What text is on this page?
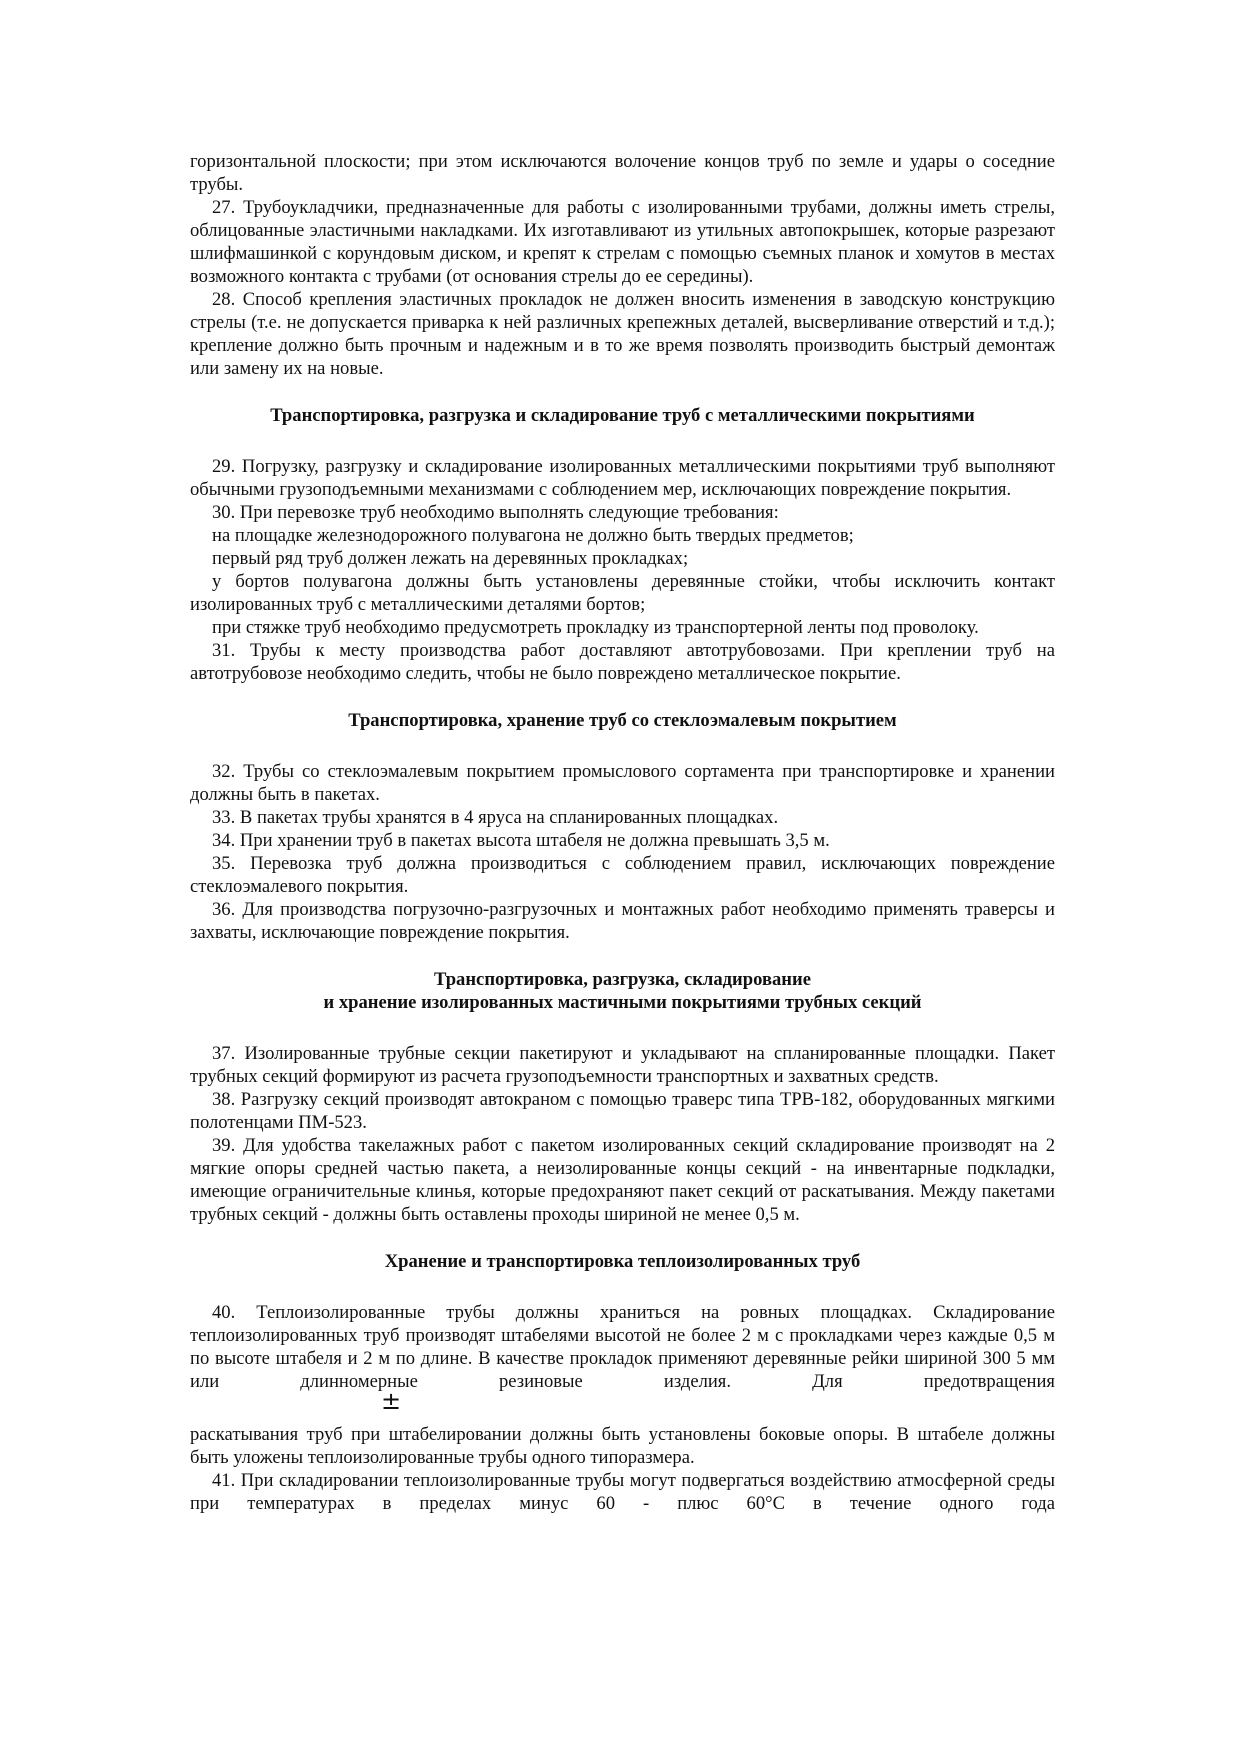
горизонтальной плоскости; при этом исключаются волочение концов труб по земле и удары о соседние трубы.

27. Трубоукладчики, предназначенные для работы с изолированными трубами, должны иметь стрелы, облицованные эластичными накладками. Их изготавливают из утильных автопокрышек, которые разрезают шлифмашинкой с корундовым диском, и крепят к стрелам с помощью съемных планок и хомутов в местах возможного контакта с трубами (от основания стрелы до ее середины).

28. Способ крепления эластичных прокладок не должен вносить изменения в заводскую конструкцию стрелы (т.е. не допускается приварка к ней различных крепежных деталей, высверливание отверстий и т.д.); крепление должно быть прочным и надежным и в то же время позволять производить быстрый демонтаж или замену их на новые.

Транспортировка, разгрузка и складирование труб с металлическими покрытиями

29. Погрузку, разгрузку и складирование изолированных металлическими покрытиями труб выполняют обычными грузоподъемными механизмами с соблюдением мер, исключающих повреждение покрытия.

30. При перевозке труб необходимо выполнять следующие требования:

на площадке железнодорожного полувагона не должно быть твердых предметов;

первый ряд труб должен лежать на деревянных прокладках;

у бортов полувагона должны быть установлены деревянные стойки, чтобы исключить контакт изолированных труб с металлическими деталями бортов;

при стяжке труб необходимо предусмотреть прокладку из транспортерной ленты под проволоку.

31. Трубы к месту производства работ доставляют автотрубовозами. При креплении труб на автотрубовозе необходимо следить, чтобы не было повреждено металлическое покрытие.

Транспортировка, хранение труб со стеклоэмалевым покрытием

32. Трубы со стеклоэмалевым покрытием промыслового сортамента при транспортировке и хранении должны быть в пакетах.

33. В пакетах трубы хранятся в 4 яруса на спланированных площадках.

34. При хранении труб в пакетах высота штабеля не должна превышать 3,5 м.

35. Перевозка труб должна производиться с соблюдением правил, исключающих повреждение стеклоэмалевого покрытия.

36. Для производства погрузочно-разгрузочных и монтажных работ необходимо применять траверсы и захваты, исключающие повреждение покрытия.

Транспортировка, разгрузка, складирование
и хранение изолированных мастичными покрытиями трубных секций

37. Изолированные трубные секции пакетируют и укладывают на спланированные площадки. Пакет трубных секций формируют из расчета грузоподъемности транспортных и захватных средств.

38. Разгрузку секций производят автокраном с помощью траверс типа ТРВ-182, оборудованных мягкими полотенцами ПМ-523.

39. Для удобства такелажных работ с пакетом изолированных секций складирование производят на 2 мягкие опоры средней частью пакета, а неизолированные концы секций - на инвентарные подкладки, имеющие ограничительные клинья, которые предохраняют пакет секций от раскатывания. Между пакетами трубных секций - должны быть оставлены проходы шириной не менее 0,5 м.

Хранение и транспортировка теплоизолированных труб

40. Теплоизолированные трубы должны храниться на ровных площадках. Складирование теплоизолированных труб производят штабелями высотой не более 2 м с прокладками через каждые 0,5 м по высоте штабеля и 2 м по длине. В качестве прокладок применяют деревянные рейки шириной 300 5 мм или длинномерные резиновые изделия. Для предотвращения

±

раскатывания труб при штабелировании должны быть установлены боковые опоры. В штабеле должны быть уложены теплоизолированные трубы одного типоразмера.

41. При складировании теплоизолированные трубы могут подвергаться воздействию атмосферной среды при температурах в пределах минус 60 - плюс 60°С в течение одного года
